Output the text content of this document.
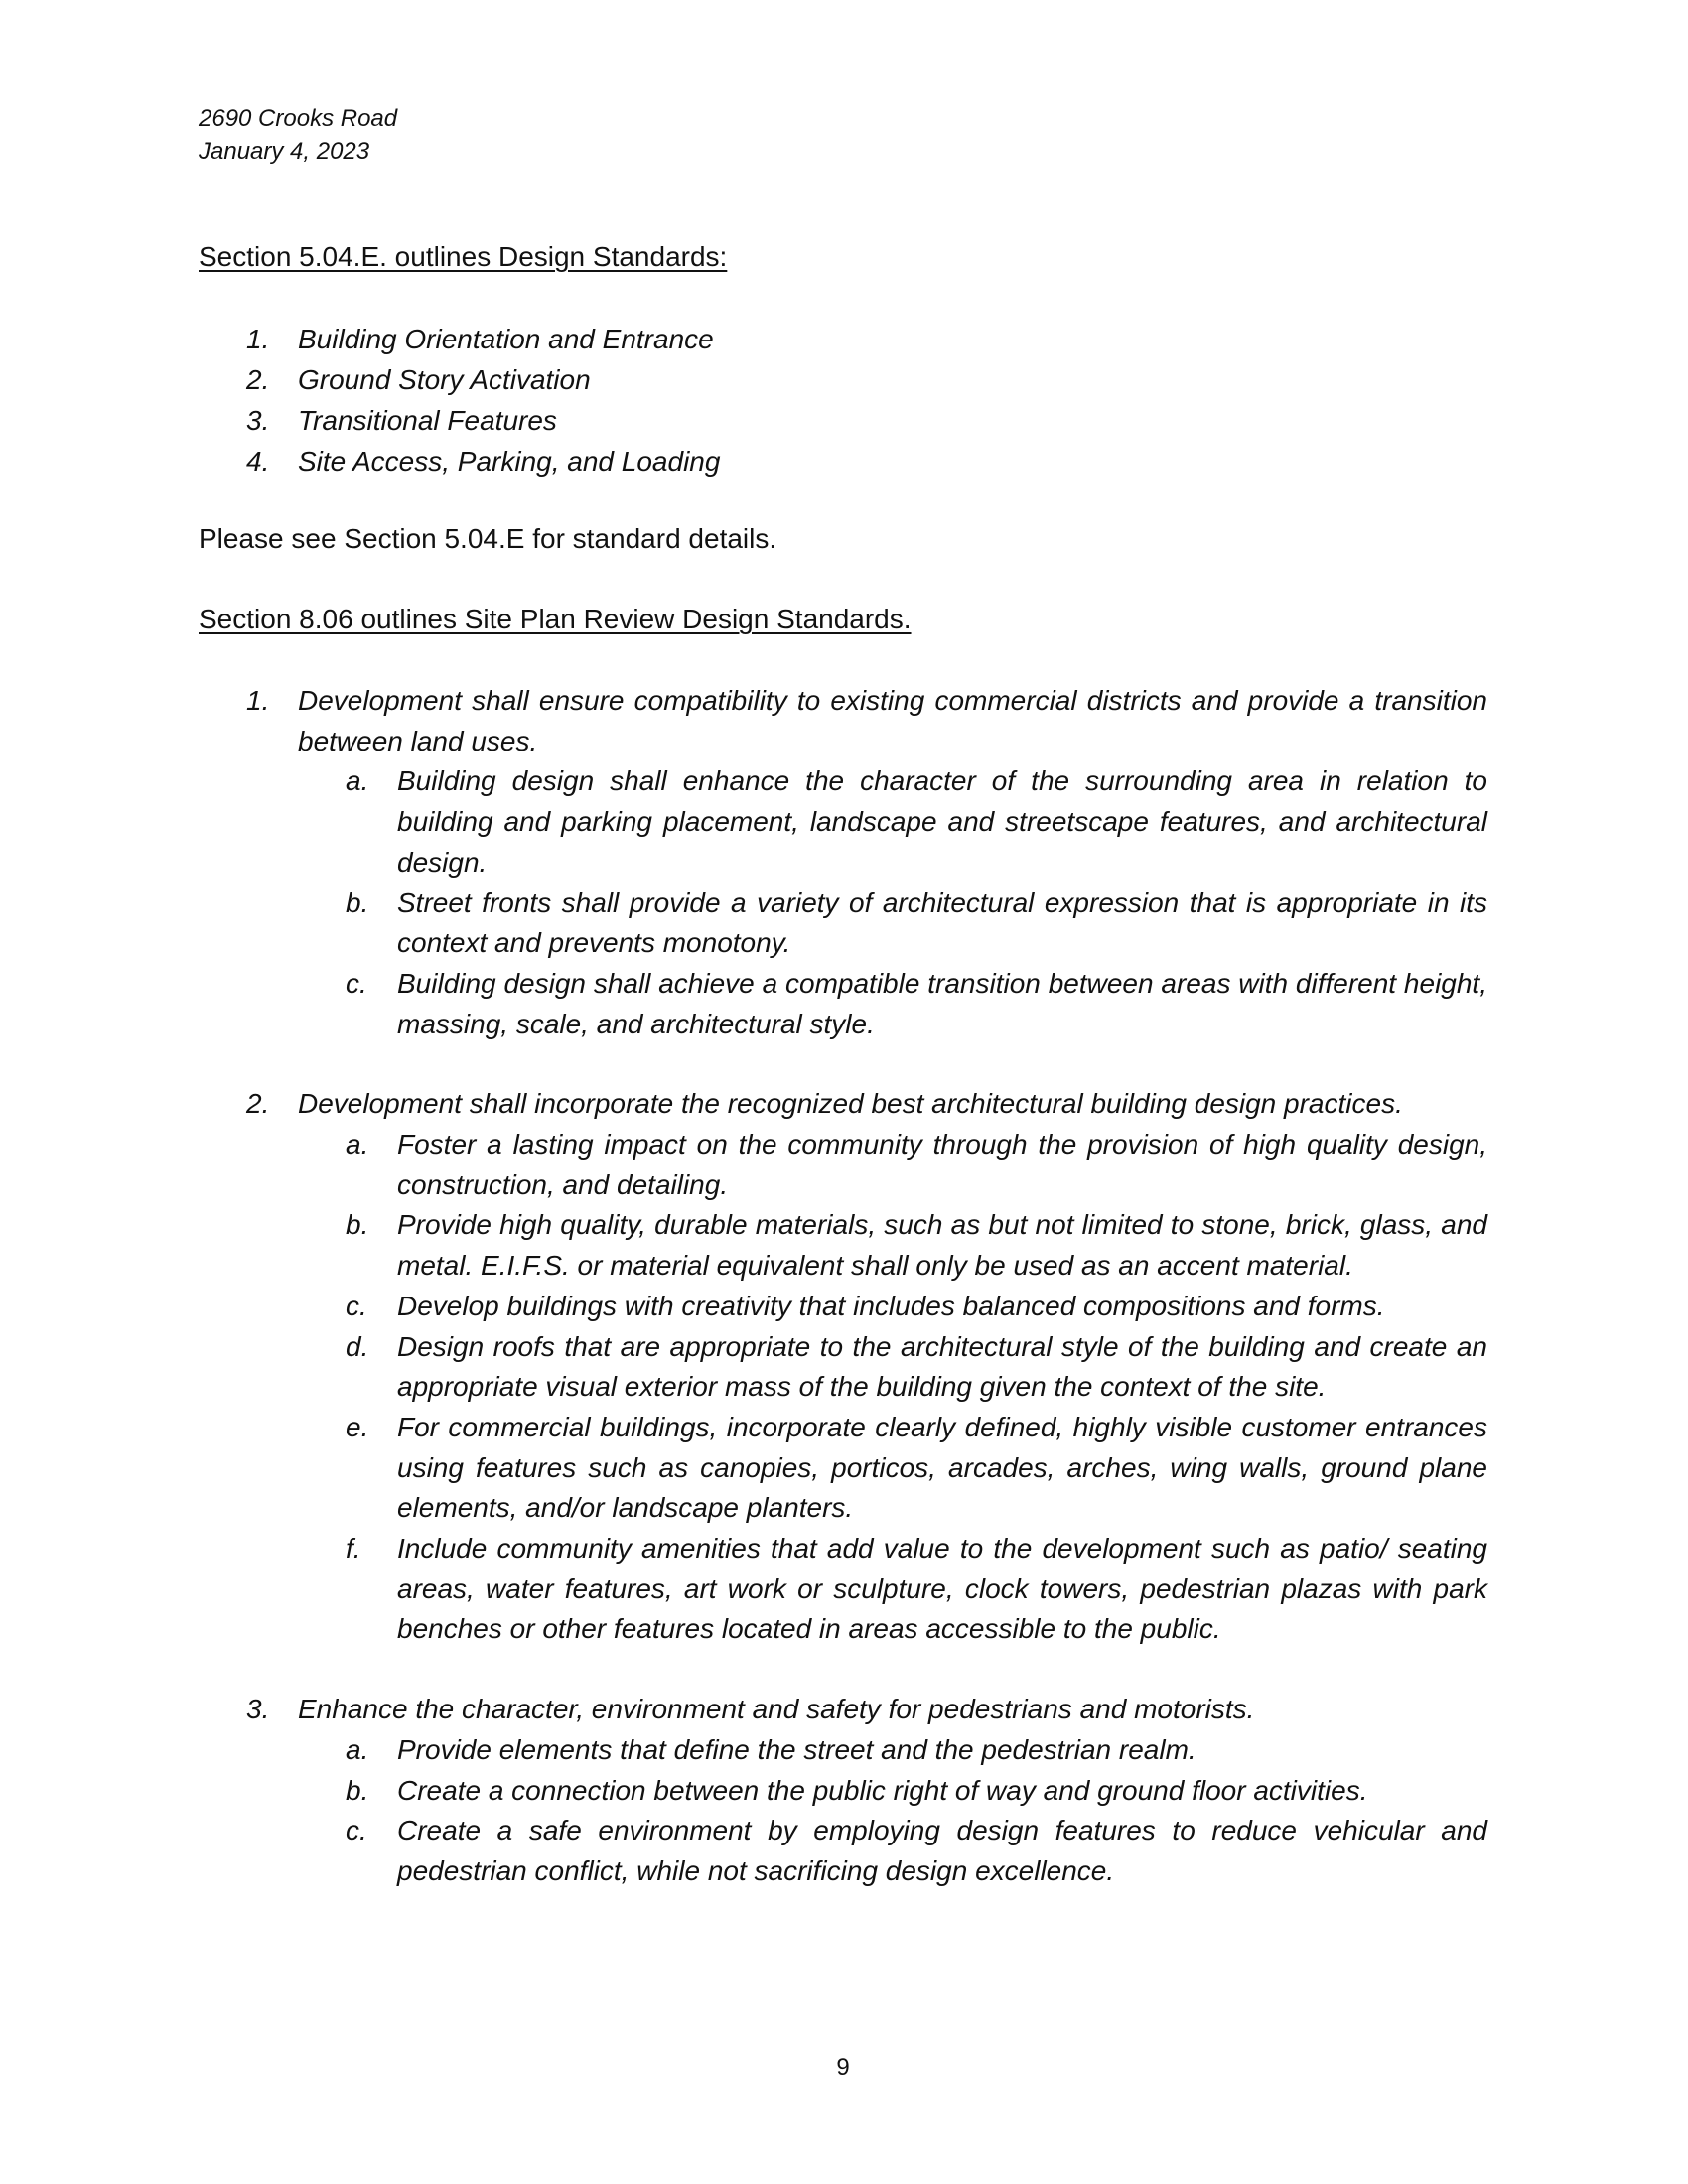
2690 Crooks Road
January 4, 2023
Section 5.04.E. outlines Design Standards:
1.	Building Orientation and Entrance
2.	Ground Story Activation
3.	Transitional Features
4.	Site Access, Parking, and Loading
Please see Section 5.04.E for standard details.
Section 8.06 outlines Site Plan Review Design Standards.
1. Development shall ensure compatibility to existing commercial districts and provide a transition between land uses.
a. Building design shall enhance the character of the surrounding area in relation to building and parking placement, landscape and streetscape features, and architectural design.
b. Street fronts shall provide a variety of architectural expression that is appropriate in its context and prevents monotony.
c. Building design shall achieve a compatible transition between areas with different height, massing, scale, and architectural style.
2. Development shall incorporate the recognized best architectural building design practices.
a. Foster a lasting impact on the community through the provision of high quality design, construction, and detailing.
b. Provide high quality, durable materials, such as but not limited to stone, brick, glass, and metal. E.I.F.S. or material equivalent shall only be used as an accent material.
c. Develop buildings with creativity that includes balanced compositions and forms.
d. Design roofs that are appropriate to the architectural style of the building and create an appropriate visual exterior mass of the building given the context of the site.
e. For commercial buildings, incorporate clearly defined, highly visible customer entrances using features such as canopies, porticos, arcades, arches, wing walls, ground plane elements, and/or landscape planters.
f. Include community amenities that add value to the development such as patio/ seating areas, water features, art work or sculpture, clock towers, pedestrian plazas with park benches or other features located in areas accessible to the public.
3. Enhance the character, environment and safety for pedestrians and motorists.
a. Provide elements that define the street and the pedestrian realm.
b. Create a connection between the public right of way and ground floor activities.
c. Create a safe environment by employing design features to reduce vehicular and pedestrian conflict, while not sacrificing design excellence.
9
